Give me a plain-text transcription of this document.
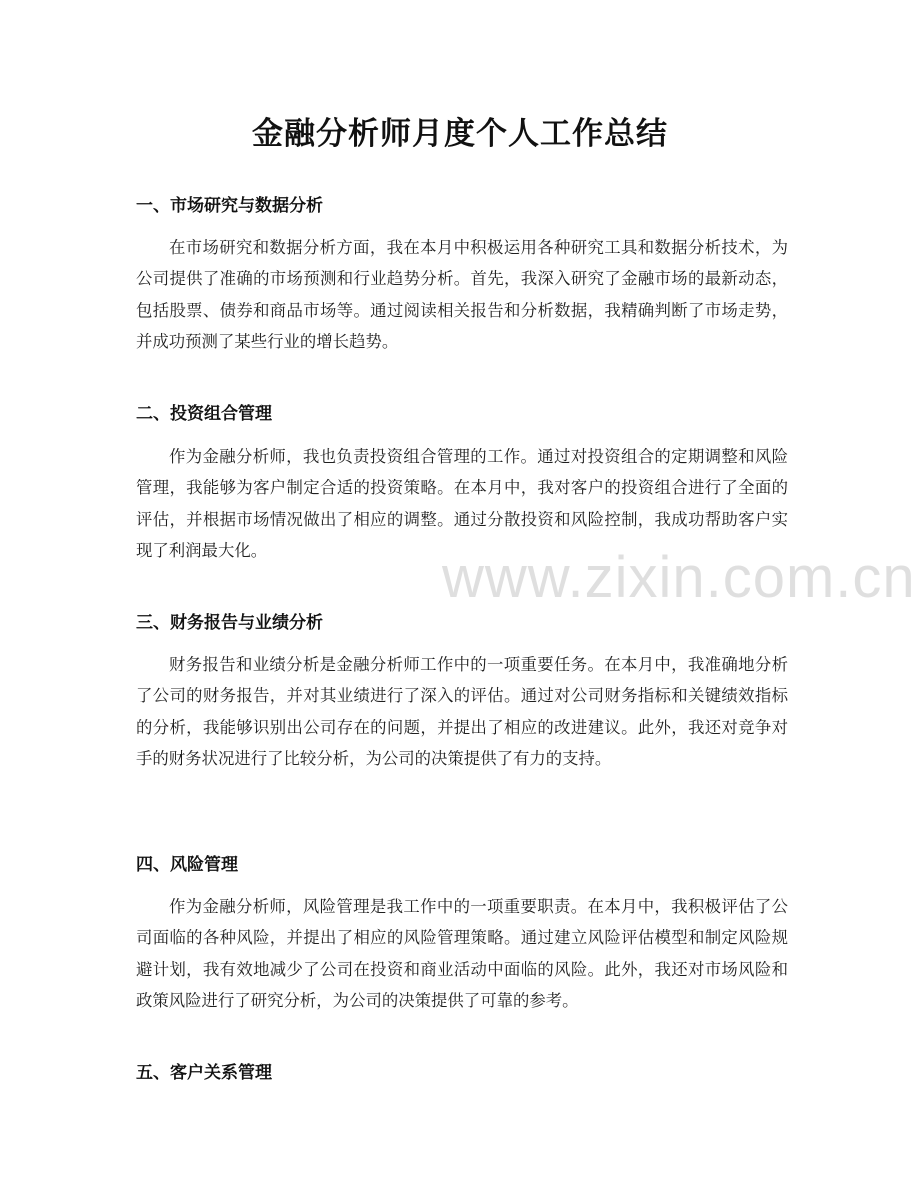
金融分析师月度个人工作总结
一、市场研究与数据分析
在市场研究和数据分析方面，我在本月中积极运用各种研究工具和数据分析技术，为公司提供了准确的市场预测和行业趋势分析。首先，我深入研究了金融市场的最新动态，包括股票、债券和商品市场等。通过阅读相关报告和分析数据，我精确判断了市场走势，并成功预测了某些行业的增长趋势。
二、投资组合管理
作为金融分析师，我也负责投资组合管理的工作。通过对投资组合的定期调整和风险管理，我能够为客户制定合适的投资策略。在本月中，我对客户的投资组合进行了全面的评估，并根据市场情况做出了相应的调整。通过分散投资和风险控制，我成功帮助客户实现了利润最大化。
三、财务报告与业绩分析
财务报告和业绩分析是金融分析师工作中的一项重要任务。在本月中，我准确地分析了公司的财务报告，并对其业绩进行了深入的评估。通过对公司财务指标和关键绩效指标的分析，我能够识别出公司存在的问题，并提出了相应的改进建议。此外，我还对竞争对手的财务状况进行了比较分析，为公司的决策提供了有力的支持。
四、风险管理
作为金融分析师，风险管理是我工作中的一项重要职责。在本月中，我积极评估了公司面临的各种风险，并提出了相应的风险管理策略。通过建立风险评估模型和制定风险规避计划，我有效地减少了公司在投资和商业活动中面临的风险。此外，我还对市场风险和政策风险进行了研究分析，为公司的决策提供了可靠的参考。
五、客户关系管理
www.zixin.com.cn
